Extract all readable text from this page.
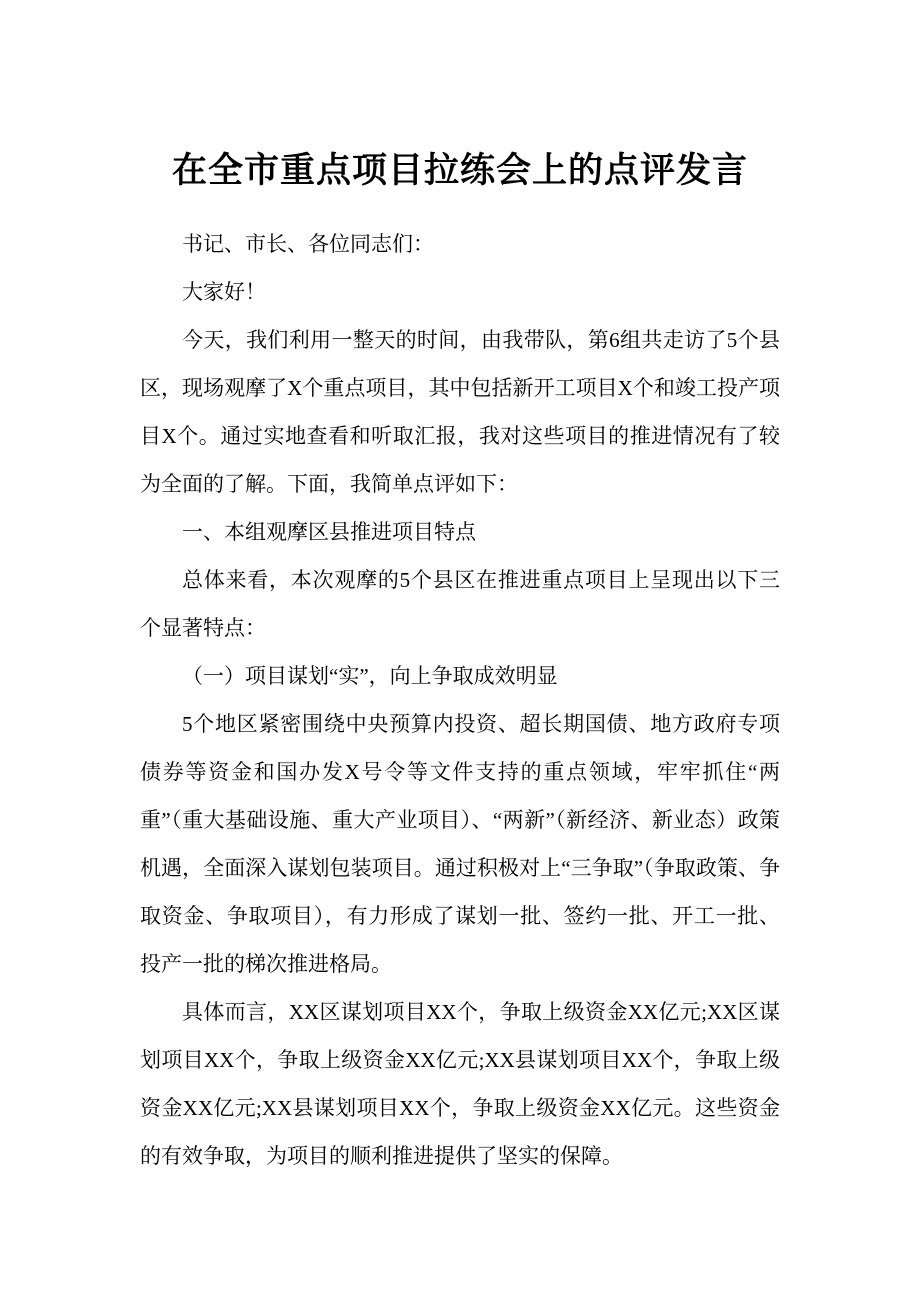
在全市重点项目拉练会上的点评发言

书记、市长、各位同志们：

大家好！

今天，我们利用一整天的时间，由我带队，第6组共走访了5个县区，现场观摩了X个重点项目，其中包括新开工项目X个和竣工投产项目X个。通过实地查看和听取汇报，我对这些项目的推进情况有了较为全面的了解。下面，我简单点评如下：

一、本组观摩区县推进项目特点

总体来看，本次观摩的5个县区在推进重点项目上呈现出以下三个显著特点：

（一）项目谋划“实”，向上争取成效明显

5个地区紧密围绕中央预算内投资、超长期国债、地方政府专项债券等资金和国办发X号令等文件支持的重点领域，牢牢抓住“两重”（重大基础设施、重大产业项目）、“两新”（新经济、新业态）政策机遇，全面深入谋划包装项目。通过积极对上“三争取”（争取政策、争取资金、争取项目），有力形成了谋划一批、签约一批、开工一批、投产一批的梯次推进格局。

具体而言，XX区谋划项目XX个，争取上级资金XX亿元;XX区谋划项目XX个，争取上级资金XX亿元;XX县谋划项目XX个，争取上级资金XX亿元;XX县谋划项目XX个，争取上级资金XX亿元。这些资金的有效争取，为项目的顺利推进提供了坚实的保障。
